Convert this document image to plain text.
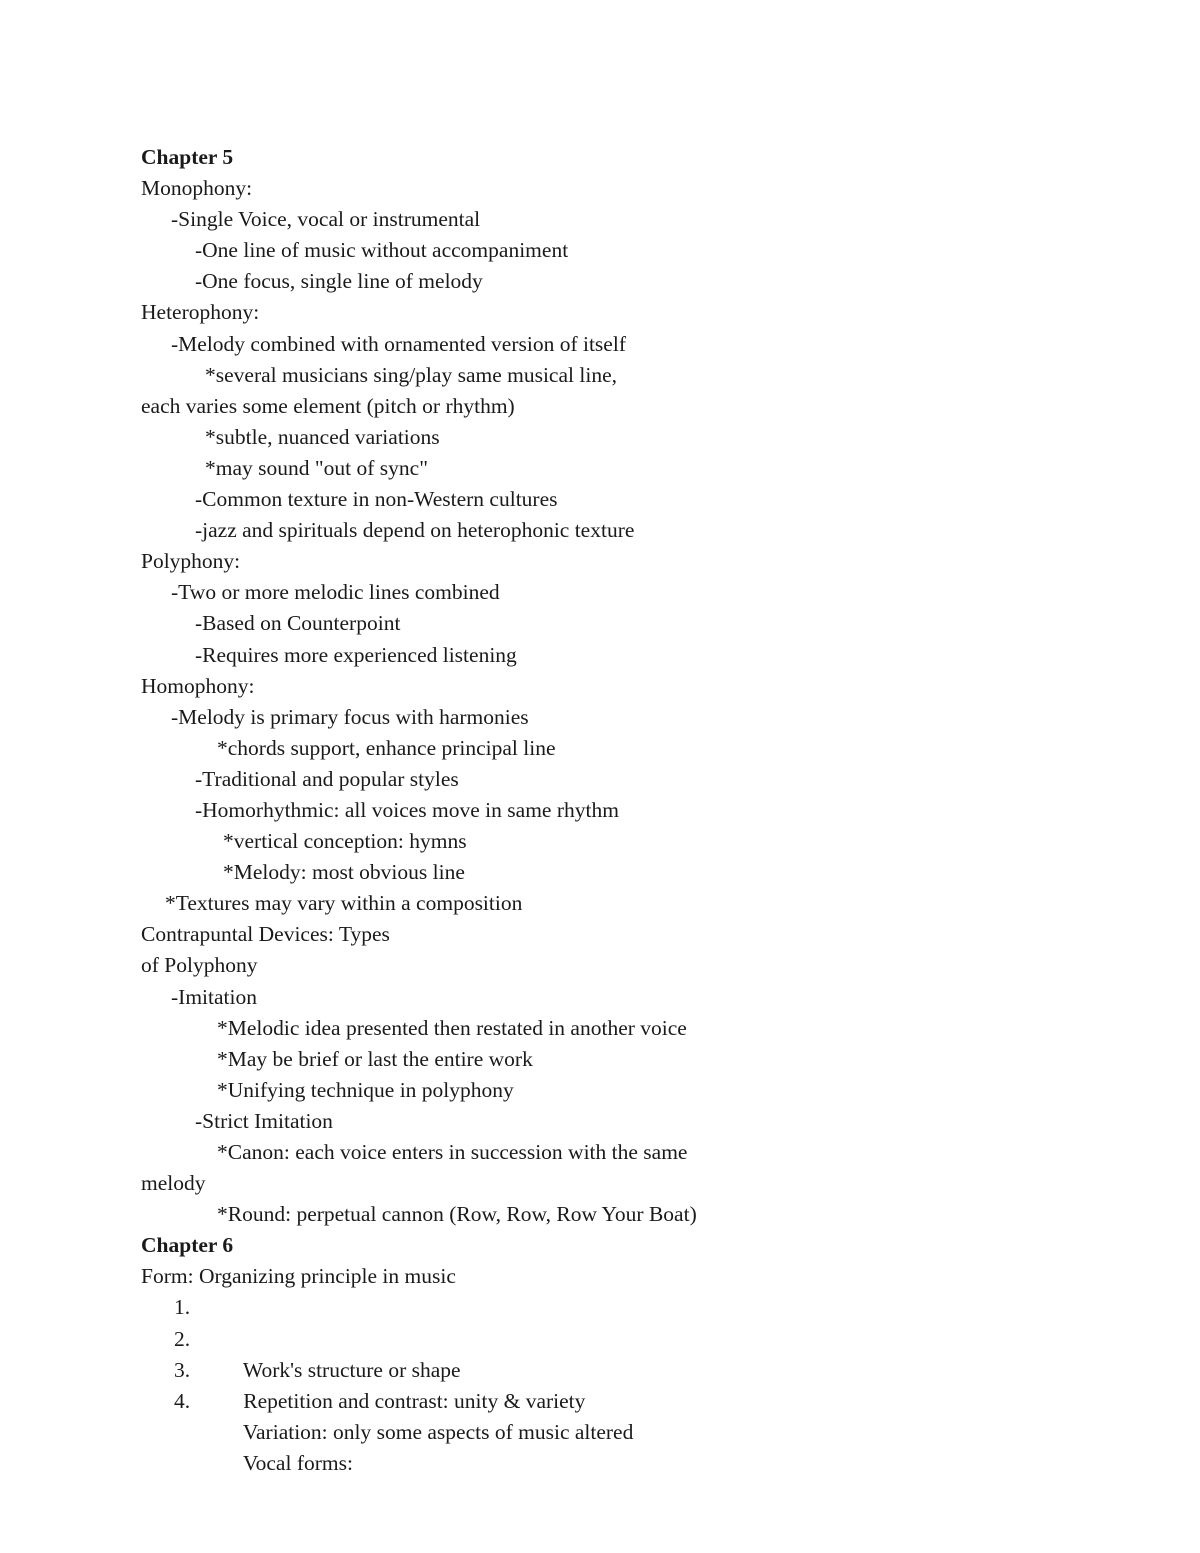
Chapter 5
Monophony:
-Single Voice, vocal or instrumental
-One line of music without accompaniment
-One focus, single line of melody
Heterophony:
-Melody combined with ornamented version of itself
*several musicians sing/play same musical line,
each varies some element (pitch or rhythm)
*subtle, nuanced variations
*may sound "out of sync"
-Common texture in non-Western cultures
-jazz and spirituals depend on heterophonic texture
Polyphony:
-Two or more melodic lines combined
-Based on Counterpoint
-Requires more experienced listening
Homophony:
-Melody is primary focus with harmonies
*chords support, enhance principal line
-Traditional and popular styles
-Homorhythmic: all voices move in same rhythm
*vertical conception: hymns
*Melody: most obvious line
*Textures may vary within a composition
Contrapuntal Devices: Types
of Polyphony
-Imitation
*Melodic idea presented then restated in another voice
*May be brief or last the entire work
*Unifying technique in polyphony
-Strict Imitation
*Canon: each voice enters in succession with the same
melody
*Round: perpetual cannon (Row, Row, Row Your Boat)
Chapter 6
Form: Organizing principle in music

1.

Work's structure or shape

2.

Repetition and contrast: unity & variety

3.

Variation: only some aspects of music altered

4.

Vocal forms:
